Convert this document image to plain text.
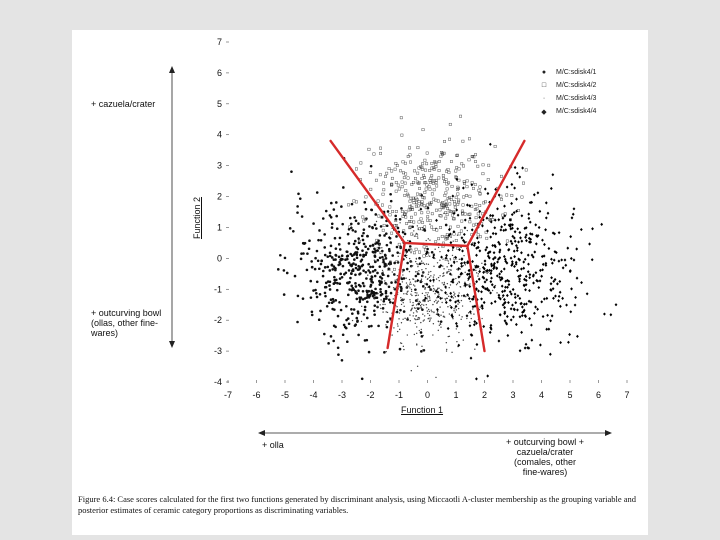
7
6
5
4
3
2
1
0
-1
-2
-3
-4
-7 -6 -5 -4 -3 -2 -1 0	1	2	3	4	5	6	7
+ cazuela/crater
+ outcurving bowl (ollas, other fine-wares)
+ olla	+ outcurving bowl + cazuela/crater (comales, other fine-wares)
Function 1
Function 2
●	M/C:sdisk4/1
□	M/C:sdisk4/2
·	M/C:sdisk4/3
◆	M/C:sdisk4/4
Figure 6.4: Case scores calculated for the first two functions generated by discriminant analysis, using Miccaotli A-cluster membership as the grouping variable and posterior estimates of ceramic category proportions as discriminating variables.
